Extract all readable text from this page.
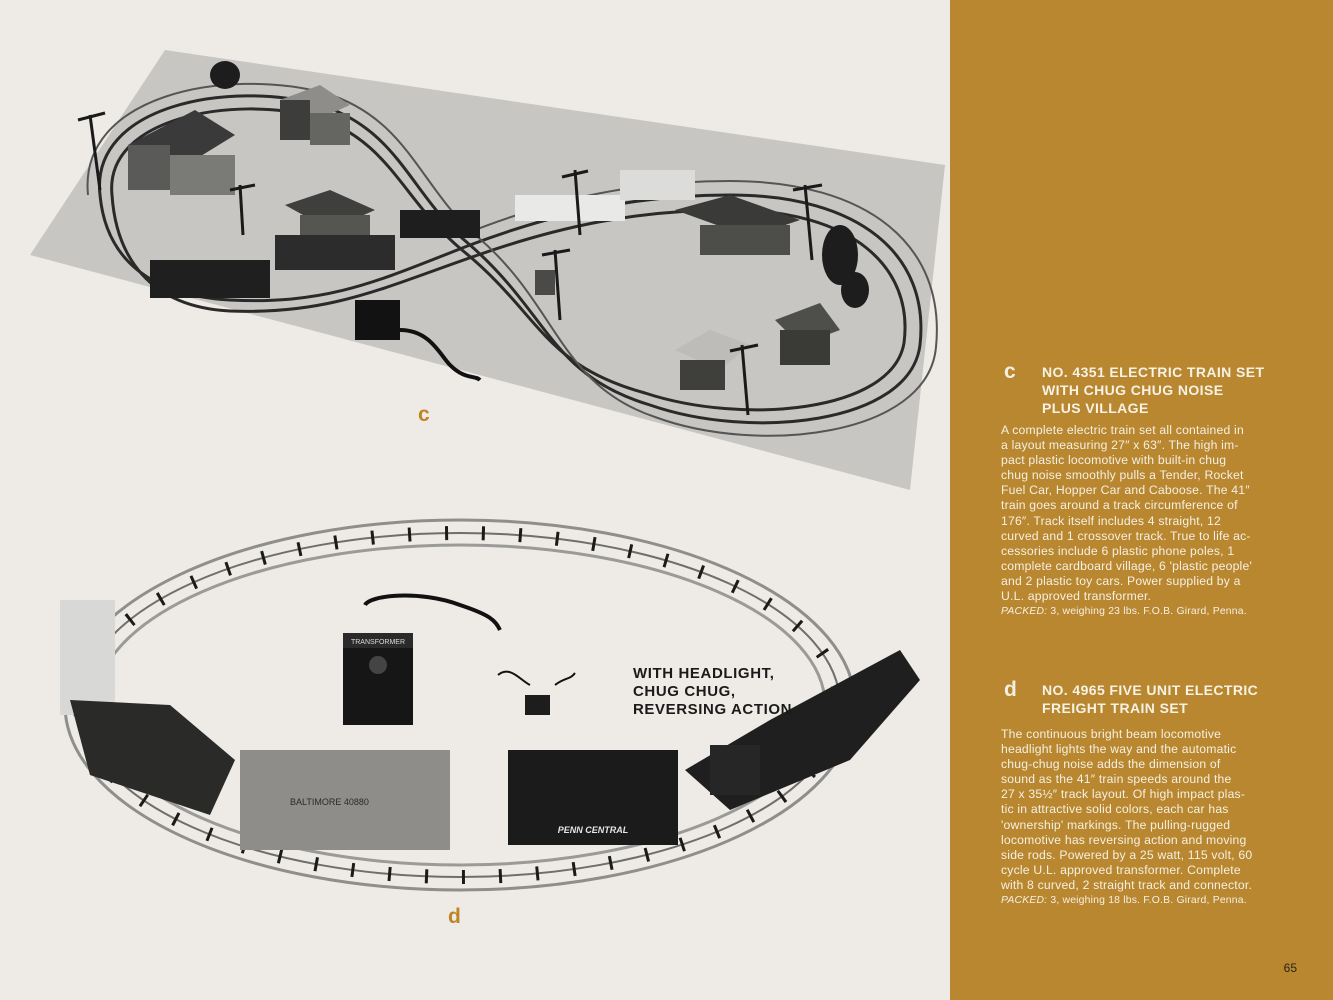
c
TRANSFORMER
BALTIMORE 40880
PENN CENTRAL
WITH HEADLIGHT,
CHUG CHUG,
REVERSING ACTION
d
c NO. 4351 ELECTRIC TRAIN SET
WITH CHUG CHUG NOISE
PLUS VILLAGE
A complete electric train set all contained in
a layout measuring 27″ x 63″. The high im-
pact plastic locomotive with built-in chug
chug noise smoothly pulls a Tender, Rocket
Fuel Car, Hopper Car and Caboose. The 41″
train goes around a track circumference of
176″. Track itself includes 4 straight, 12
curved and 1 crossover track. True to life ac-
cessories include 6 plastic phone poles, 1
complete cardboard village, 6 'plastic people'
and 2 plastic toy cars. Power supplied by a
U.L. approved transformer.
PACKED: 3, weighing 23 lbs. F.O.B. Girard, Penna.
d NO. 4965 FIVE UNIT ELECTRIC
FREIGHT TRAIN SET
The continuous bright beam locomotive
headlight lights the way and the automatic
chug-chug noise adds the dimension of
sound as the 41″ train speeds around the
27 x 35½″ track layout. Of high impact plas-
tic in attractive solid colors, each car has
'ownership' markings. The pulling-rugged
locomotive has reversing action and moving
side rods. Powered by a 25 watt, 115 volt, 60
cycle U.L. approved transformer. Complete
with 8 curved, 2 straight track and connector.
PACKED: 3, weighing 18 lbs. F.O.B. Girard, Penna.
65
